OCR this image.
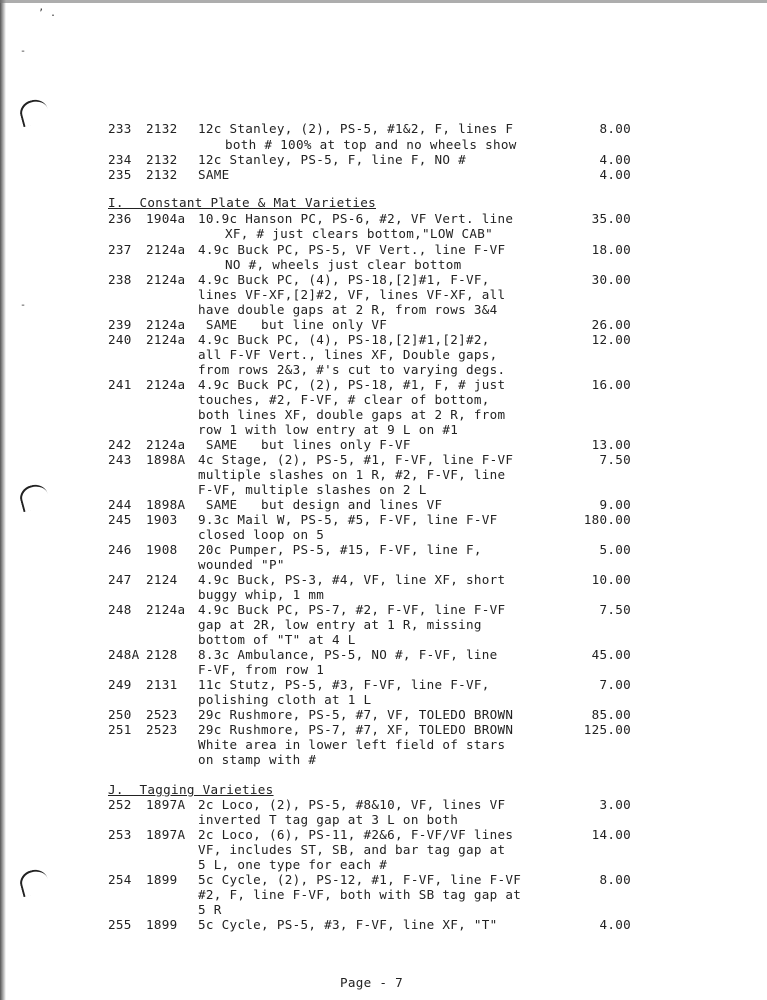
’ .
-
-
233 2132 12c Stanley, (2), PS-5, #1&2, F, lines F	8.00
both # 100% at top and no wheels show
234 2132 12c Stanley, PS-5, F, line F, NO #	4.00
235 2132 SAME	4.00
I.  Constant Plate & Mat Varieties
236 1904a 10.9c Hanson PC, PS-6, #2, VF Vert. line	35.00
XF, # just clears bottom,"LOW CAB"
237 2124a 4.9c Buck PC, PS-5, VF Vert., line F-VF	18.00
NO #, wheels just clear bottom
238 2124a 4.9c Buck PC, (4), PS-18,[2]#1, F-VF,	30.00
lines VF-XF,[2]#2, VF, lines VF-XF, all
have double gaps at 2 R, from rows 3&4
239 2124a SAME   but line only VF	26.00
240 2124a 4.9c Buck PC, (4), PS-18,[2]#1,[2]#2,	12.00
all F-VF Vert., lines XF, Double gaps,
from rows 2&3, #'s cut to varying degs.
241 2124a 4.9c Buck PC, (2), PS-18, #1, F, # just	16.00
touches, #2, F-VF, # clear of bottom,
both lines XF, double gaps at 2 R, from
row 1 with low entry at 9 L on #1
242 2124a SAME   but lines only F-VF	13.00
243 1898A 4c Stage, (2), PS-5, #1, F-VF, line F-VF	7.50
multiple slashes on 1 R, #2, F-VF, line
F-VF, multiple slashes on 2 L
244 1898A SAME   but design and lines VF	9.00
245 1903 9.3c Mail W, PS-5, #5, F-VF, line F-VF	180.00
closed loop on 5
246 1908 20c Pumper, PS-5, #15, F-VF, line F,	5.00
wounded "P"
247 2124 4.9c Buck, PS-3, #4, VF, line XF, short	10.00
buggy whip, 1 mm
248 2124a 4.9c Buck PC, PS-7, #2, F-VF, line F-VF	7.50
gap at 2R, low entry at 1 R, missing
bottom of "T" at 4 L
248A 2128 8.3c Ambulance, PS-5, NO #, F-VF, line	45.00
F-VF, from row 1
249 2131 11c Stutz, PS-5, #3, F-VF, line F-VF,	7.00
polishing cloth at 1 L
250 2523 29c Rushmore, PS-5, #7, VF, TOLEDO BROWN	85.00
251 2523 29c Rushmore, PS-7, #7, XF, TOLEDO BROWN	125.00
White area in lower left field of stars
on stamp with #
J.  Tagging Varieties
252 1897A 2c Loco, (2), PS-5, #8&10, VF, lines VF	3.00
inverted T tag gap at 3 L on both
253 1897A 2c Loco, (6), PS-11, #2&6, F-VF/VF lines	14.00
VF, includes ST, SB, and bar tag gap at
5 L, one type for each #
254 1899 5c Cycle, (2), PS-12, #1, F-VF, line F-VF	8.00
#2, F, line F-VF, both with SB tag gap at
5 R
255 1899 5c Cycle, PS-5, #3, F-VF, line XF, "T"	4.00
Page - 7
